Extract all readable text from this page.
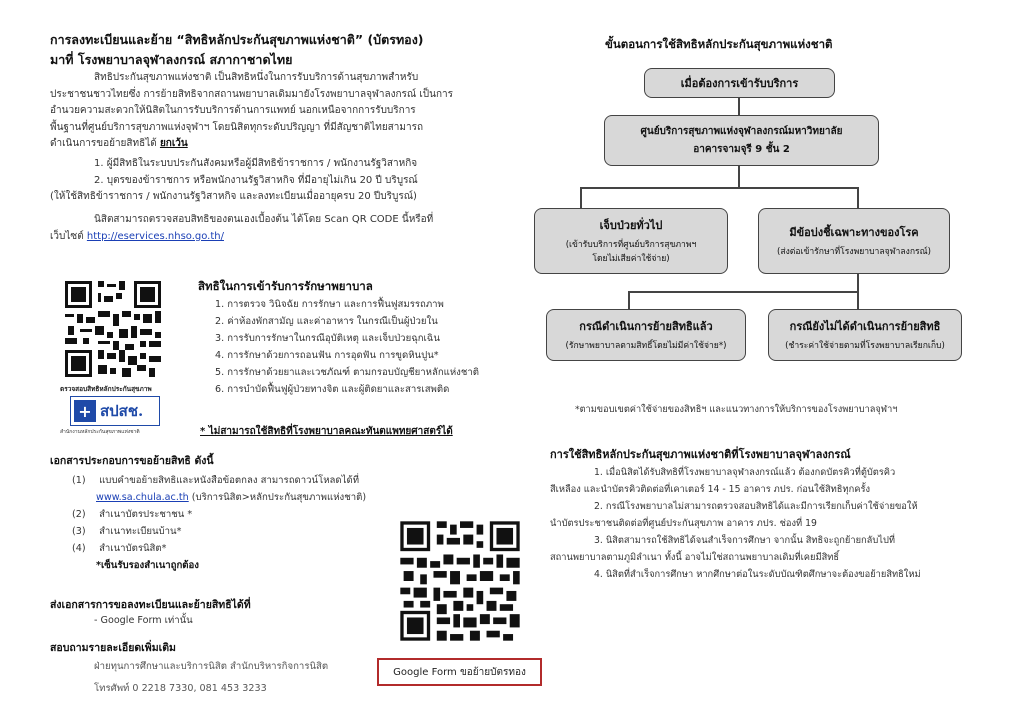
การลงทะเบียนและย้าย “สิทธิหลักประกันสุขภาพแห่งชาติ” (บัตรทอง)
มาที่ โรงพยาบาลจุฬาลงกรณ์ สภากาชาดไทย
สิทธิประกันสุขภาพแห่งชาติ เป็นสิทธิหนึ่งในการรับบริการด้านสุขภาพสำหรับ
ประชาชนชาวไทยซึ่ง การย้ายสิทธิจากสถานพยาบาลเดิมมายังโรงพยาบาลจุฬาลงกรณ์ เป็นการ
อำนวยความสะดวกให้นิสิตในการรับบริการด้านการแพทย์ นอกเหนือจากการรับบริการ
พื้นฐานที่ศูนย์บริการสุขภาพแห่งจุฬาฯ โดยนิสิตทุกระดับปริญญา ที่มีสัญชาติไทยสามารถ
ดำเนินการขอย้ายสิทธิได้ ยกเว้น
1. ผู้มีสิทธิในระบบประกันสังคมหรือผู้มีสิทธิข้าราชการ / พนักงานรัฐวิสาหกิจ
2. บุตรของข้าราชการ หรือพนักงานรัฐวิสาหกิจ ที่มีอายุไม่เกิน 20 ปี บริบูรณ์
(ให้ใช้สิทธิข้าราชการ / พนักงานรัฐวิสาหกิจ และลงทะเบียนเมื่ออายุครบ 20 ปีบริบูรณ์)
นิสิตสามารถตรวจสอบสิทธิของตนเองเบื้องต้น ได้โดย Scan QR CODE นี้หรือที่
เว็บไซต์ http://eservices.nhso.go.th/
ตรวจสอบสิทธิหลักประกันสุขภาพ
+ สปสช.
สำนักงานหลักประกันสุขภาพแห่งชาติ
สิทธิในการเข้ารับการรักษาพยาบาล
1. การตรวจ วินิจฉัย การรักษา และการฟื้นฟูสมรรถภาพ
2. ค่าห้องพักสามัญ และค่าอาหาร ในกรณีเป็นผู้ป่วยใน
3. การรับการรักษาในกรณีอุบัติเหตุ และเจ็บป่วยฉุกเฉิน
4. การรักษาด้วยการถอนฟัน การอุดฟัน การขูดหินปูน*
5. การรักษาด้วยยาและเวชภัณฑ์ ตามกรอบบัญชียาหลักแห่งชาติ
6. การบำบัดฟื้นฟูผู้ป่วยทางจิต และผู้ติดยาและสารเสพติด
* ไม่สามารถใช้สิทธิที่โรงพยาบาลคณะทันตแพทยศาสตร์ได้
เอกสารประกอบการขอย้ายสิทธิ ดังนี้
(1) แบบคำขอย้ายสิทธิและหนังสือข้อตกลง สามารถดาวน์โหลดได้ที่
www.sa.chula.ac.th (บริการนิสิต>หลักประกันสุขภาพแห่งชาติ)
(2) สำเนาบัตรประชาชน *
(3) สำเนาทะเบียนบ้าน*
(4) สำเนาบัตรนิสิต*
*เซ็นรับรองสำเนาถูกต้อง
ส่งเอกสารการขอลงทะเบียนและย้ายสิทธิได้ที่
- Google Form เท่านั้น
สอบถามรายละเอียดเพิ่มเติม
ฝ่ายทุนการศึกษาและบริการนิสิต สำนักบริหารกิจการนิสิต
โทรศัพท์ 0 2218 7330, 081 453 3233
Google Form ขอย้ายบัตรทอง
ขั้นตอนการใช้สิทธิหลักประกันสุขภาพแห่งชาติ
เมื่อต้องการเข้ารับบริการ
ศูนย์บริการสุขภาพแห่งจุฬาลงกรณ์มหาวิทยาลัย
อาคารจามจุรี 9 ชั้น 2
เจ็บป่วยทั่วไป
(เข้ารับบริการที่ศูนย์บริการสุขภาพฯ
โดยไม่เสียค่าใช้จ่าย)
มีข้อบ่งชี้เฉพาะทางของโรค
(ส่งต่อเข้ารักษาที่โรงพยาบาลจุฬาลงกรณ์)
กรณีดำเนินการย้ายสิทธิแล้ว
(รักษาพยาบาลตามสิทธิ์โดยไม่มีค่าใช้จ่าย*)
กรณียังไม่ได้ดำเนินการย้ายสิทธิ
(ชำระค่าใช้จ่ายตามที่โรงพยาบาลเรียกเก็บ)
*ตามขอบเขตค่าใช้จ่ายของสิทธิฯ และแนวทางการให้บริการของโรงพยาบาลจุฬาฯ
การใช้สิทธิหลักประกันสุขภาพแห่งชาติที่โรงพยาบาลจุฬาลงกรณ์
1. เมื่อนิสิตได้รับสิทธิที่โรงพยาบาลจุฬาลงกรณ์แล้ว ต้องกดบัตรคิวที่ตู้บัตรคิว
สีเหลือง และนำบัตรคิวติดต่อที่เคาเตอร์ 14 - 15 อาคาร ภปร. ก่อนใช้สิทธิทุกครั้ง
2. กรณีโรงพยาบาลไม่สามารถตรวจสอบสิทธิได้และมีการเรียกเก็บค่าใช้จ่ายขอให้
นำบัตรประชาชนติดต่อที่ศูนย์ประกันสุขภาพ อาคาร ภปร. ช่องที่ 19
3. นิสิตสามารถใช้สิทธิได้จนสำเร็จการศึกษา จากนั้น สิทธิจะถูกย้ายกลับไปที่
สถานพยาบาลตามภูมิลำเนา ทั้งนี้ อาจไม่ใช่สถานพยาบาลเดิมที่เคยมีสิทธิ์
4. นิสิตที่สำเร็จการศึกษา หากศึกษาต่อในระดับบัณฑิตศึกษาจะต้องขอย้ายสิทธิใหม่
